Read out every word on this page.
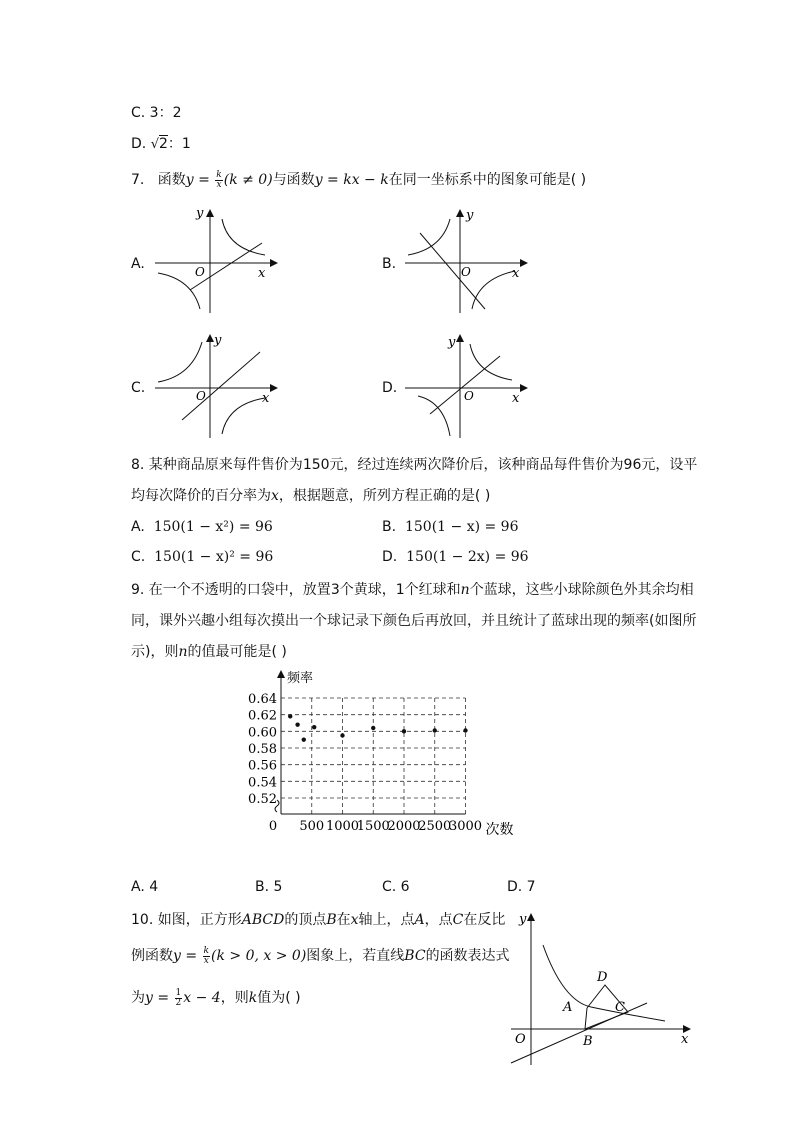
C. 3：2
D. √2：1
7. 函数$y = \frac{k}{x} (k \ne 0)$与函数y = kx − k在同一坐标系中的图象可能是( )
A.	B.
C.	D.
y
x
O
y
x
O
y
x
O
y
x
O
8. 某种商品原来每件售价为150元，经过连续两次降价后，该种商品每件售价为96元，设平
均每次降价的百分率为x，根据题意，所列方程正确的是( )
A. 150(1 − x²) = 96	B. 150(1 − x) = 96
C. 150(1 − x)² = 96	D. 150(1 − 2x) = 96
9. 在一个不透明的口袋中，放置3个黄球，1个红球和n个蓝球，这些小球除颜色外其余均相
同，课外兴趣小组每次摸出一个球记录下颜色后再放回，并且统计了蓝球出现的频率(如图所
示)，则n的值最可能是( )
0.64
0.62
0.60
0.58
0.56
0.54
0.52
500 1000
1500
2000
2500
3000
0
频率
次数
A. 4	B. 5	C. 6	D. 7
10. 如图，正方形ABCD的顶点B在x轴上，点A，点C在反比
例函数$y = \frac{k}{x} (k > 0$, x > 0)图象上，若直线BC的函数表达式
为$y = \frac{1}{2}$ x − 4，则k值为( )
y
x
O
A
B
C
D
